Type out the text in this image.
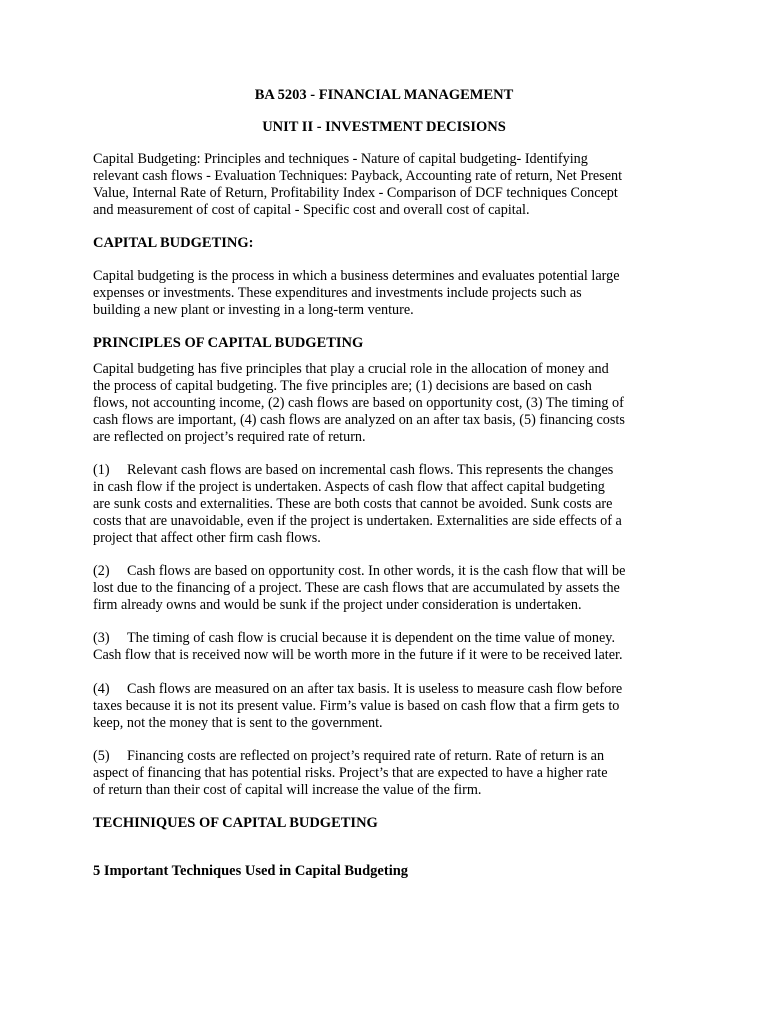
BA 5203 - FINANCIAL MANAGEMENT
UNIT II - INVESTMENT DECISIONS

Capital Budgeting: Principles and techniques - Nature of capital budgeting- Identifying

relevant cash flows - Evaluation Techniques: Payback, Accounting rate of return, Net Present

Value, Internal Rate of Return, Profitability Index - Comparison of DCF techniques Concept

and measurement of cost of capital - Specific cost and overall cost of capital.

CAPITAL BUDGETING:

Capital budgeting is the process in which a business determines and evaluates potential large

expenses or investments. These expenditures and investments include projects such as

building a new plant or investing in a long-term venture.

PRINCIPLES OF CAPITAL BUDGETING

Capital budgeting has five principles that play a crucial role in the allocation of money and

the process of capital budgeting. The five principles are; (1) decisions are based on cash

flows, not accounting income, (2) cash flows are based on opportunity cost, (3) The timing of

cash flows are important, (4) cash flows are analyzed on an after tax basis, (5) financing costs

are reflected on project’s required rate of return.

(1) Relevant cash flows are based on incremental cash flows. This represents the changes

in cash flow if the project is undertaken. Aspects of cash flow that affect capital budgeting

are sunk costs and externalities. These are both costs that cannot be avoided. Sunk costs are

costs that are unavoidable, even if the project is undertaken. Externalities are side effects of a

project that affect other firm cash flows.

(2) Cash flows are based on opportunity cost. In other words, it is the cash flow that will be

lost due to the financing of a project. These are cash flows that are accumulated by assets the

firm already owns and would be sunk if the project under consideration is undertaken.

(3) The timing of cash flow is crucial because it is dependent on the time value of money.

Cash flow that is received now will be worth more in the future if it were to be received later.

(4) Cash flows are measured on an after tax basis. It is useless to measure cash flow before

taxes because it is not its present value. Firm’s value is based on cash flow that a firm gets to

keep, not the money that is sent to the government.

(5) Financing costs are reflected on project’s required rate of return. Rate of return is an

aspect of financing that has potential risks. Project’s that are expected to have a higher rate

of return than their cost of capital will increase the value of the firm.

TECHINIQUES OF CAPITAL BUDGETING
5 Important Techniques Used in Capital Budgeting
